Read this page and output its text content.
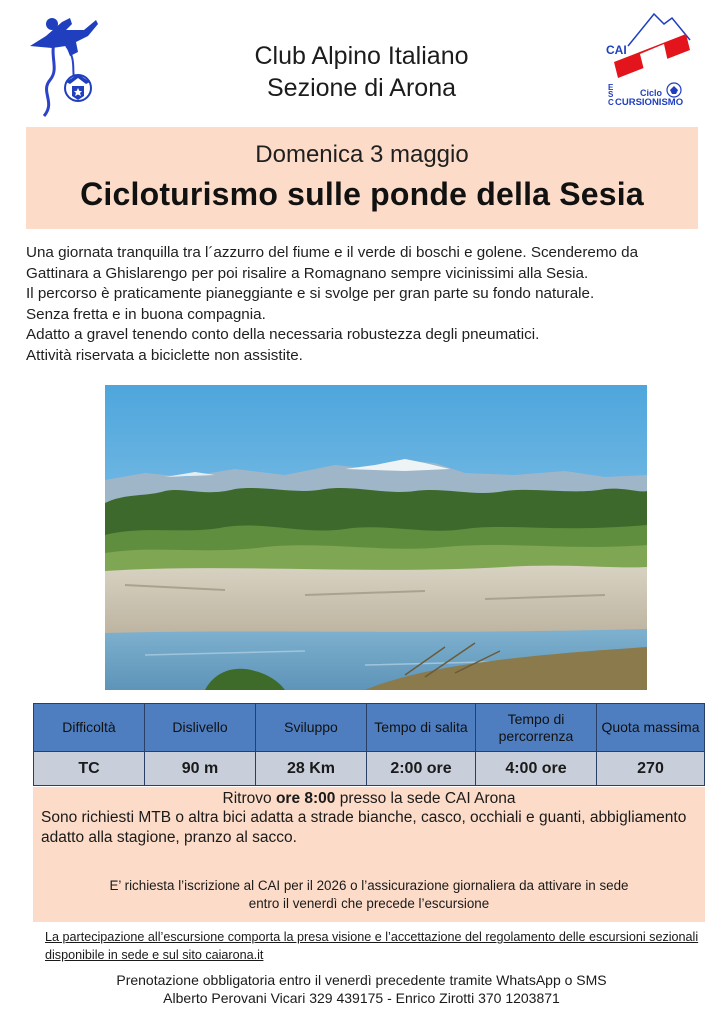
Club Alpino Italiano
Sezione di Arona
CAI
E
S
C
Ciclo
CURSIONISMO
Domenica 3 maggio
Cicloturismo sulle ponde della Sesia

Una giornata tranquilla tra l´azzurro del fiume e il verde di boschi e golene. Scenderemo da

Gattinara a Ghislarengo per poi risalire a Romagnano sempre vicinissimi alla Sesia.

Il percorso è praticamente pianeggiante e si svolge per gran parte su fondo naturale.

Senza fretta e in buona compagnia.

Adatto a gravel tenendo conto della necessaria robustezza degli pneumatici.

Attività riservata a biciclette non assistite.

Difficoltà	Dislivello	Sviluppo	Tempo di salita	Tempo di percorrenza	Quota massima
TC	90 m	28 Km	2:00 ore	4:00 ore	270
Ritrovo ore 8:00 presso la sede CAI Arona
Sono richiesti MTB o altra bici adatta a strade bianche, casco, occhiali e guanti, abbigliamento adatto alla stagione, pranzo al sacco.
E’ richiesta l’iscrizione al CAI per il 2026 o l’assicurazione giornaliera da attivare in sede
entro il venerdì che precede l’escursione
La partecipazione all’escursione comporta la presa visione e l’accettazione del regolamento delle escursioni sezionali disponibile in sede e sul sito caiarona.it
Prenotazione obbligatoria entro il venerdì precedente tramite WhatsApp o SMS
Alberto Perovani Vicari 329 439175 - Enrico Zirotti 370 1203871
